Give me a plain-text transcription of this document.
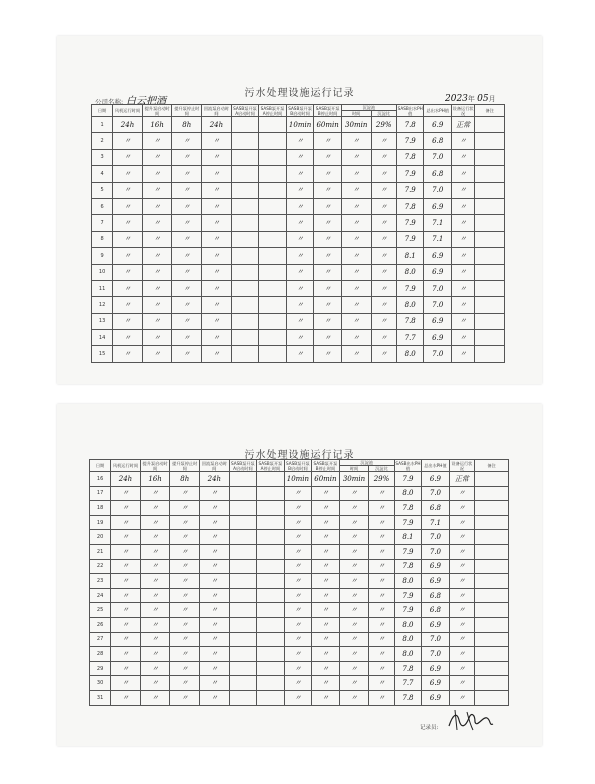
污水处理设施运行记录
公司名称: 白云把酒	2023年 05月
日期	风机运行时间	提升泵启动时间	提升泵停止时间	回流泵启动时间	SASB泵开泵A启动时间	SASB泵开泵A停止时间	SASB泵开泵B启动时间	SASB泵开泵B停止时间	沉淀池		SASB出水PH值	总出水PH值	设备运行状况	备注
									时间	沉淀比				
1	24h	16h	8h	24h			10min	60min	30min	29%	7.8	6.9	正常	
2	〃	〃	〃	〃			〃	〃	〃	〃	7.9	6.8	〃	
3	〃	〃	〃	〃			〃	〃	〃	〃	7.8	7.0	〃	
4	〃	〃	〃	〃			〃	〃	〃	〃	7.9	6.8	〃	
5	〃	〃	〃	〃			〃	〃	〃	〃	7.9	7.0	〃	
6	〃	〃	〃	〃			〃	〃	〃	〃	7.8	6.9	〃	
7	〃	〃	〃	〃			〃	〃	〃	〃	7.9	7.1	〃	
8	〃	〃	〃	〃			〃	〃	〃	〃	7.9	7.1	〃	
9	〃	〃	〃	〃			〃	〃	〃	〃	8.1	6.9	〃	
10	〃	〃	〃	〃			〃	〃	〃	〃	8.0	6.9	〃	
11	〃	〃	〃	〃			〃	〃	〃	〃	7.9	7.0	〃	
12	〃	〃	〃	〃			〃	〃	〃	〃	8.0	7.0	〃	
13	〃	〃	〃	〃			〃	〃	〃	〃	7.8	6.9	〃	
14	〃	〃	〃	〃			〃	〃	〃	〃	7.7	6.9	〃	
15	〃	〃	〃	〃			〃	〃	〃	〃	8.0	7.0	〃	
污水处理设施运行记录
日期	风机运行时间	提升泵启动时间	提升泵停止时间	回流泵启动时间	SASB泵开泵A启动时间	SASB泵开泵A停止时间	SASB泵开泵B启动时间	SASB泵开泵B停止时间	沉淀池		SASB出水PH值	总出水PH值	设备运行状况	备注
									时间	沉淀比				
16	24h	16h	8h	24h			10min	60min	30min	29%	7.9	6.9	正常	
17	〃	〃	〃	〃			〃	〃	〃	〃	8.0	7.0	〃	
18	〃	〃	〃	〃			〃	〃	〃	〃	7.8	6.8	〃	
19	〃	〃	〃	〃			〃	〃	〃	〃	7.9	7.1	〃	
20	〃	〃	〃	〃			〃	〃	〃	〃	8.1	7.0	〃	
21	〃	〃	〃	〃			〃	〃	〃	〃	7.9	7.0	〃	
22	〃	〃	〃	〃			〃	〃	〃	〃	7.8	6.9	〃	
23	〃	〃	〃	〃			〃	〃	〃	〃	8.0	6.9	〃	
24	〃	〃	〃	〃			〃	〃	〃	〃	7.9	6.8	〃	
25	〃	〃	〃	〃			〃	〃	〃	〃	7.9	6.8	〃	
26	〃	〃	〃	〃			〃	〃	〃	〃	8.0	6.9	〃	
27	〃	〃	〃	〃			〃	〃	〃	〃	8.0	7.0	〃	
28	〃	〃	〃	〃			〃	〃	〃	〃	8.0	7.0	〃	
29	〃	〃	〃	〃			〃	〃	〃	〃	7.8	6.9	〃	
30	〃	〃	〃	〃			〃	〃	〃	〃	7.7	6.9	〃	
31	〃	〃	〃	〃			〃	〃	〃	〃	7.8	6.9	〃	
记录员:
